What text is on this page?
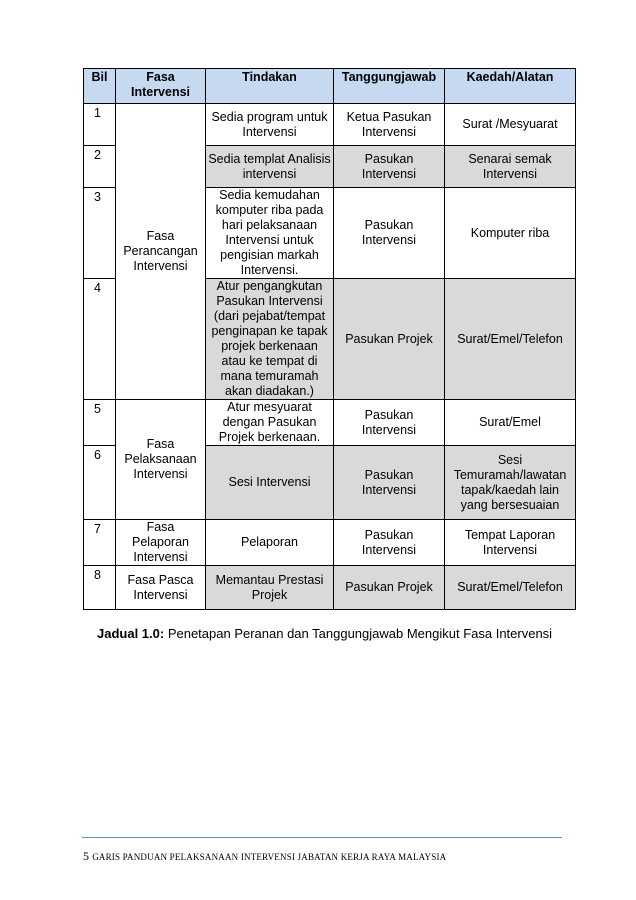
Bil	Fasa Intervensi	Tindakan	Tanggungjawab	Kaedah/Alatan
1	Fasa Perancangan Intervensi	Sedia program untuk Intervensi	Ketua Pasukan Intervensi	Surat /Mesyuarat
2		Sedia templat Analisis intervensi	Pasukan Intervensi	Senarai semak Intervensi
3		Sedia kemudahan komputer riba pada hari pelaksanaan Intervensi untuk pengisian markah Intervensi.	Pasukan Intervensi	Komputer riba
4		Atur pengangkutan Pasukan Intervensi (dari pejabat/tempat penginapan ke tapak projek berkenaan atau ke tempat di mana temuramah akan diadakan.)	Pasukan Projek	Surat/Emel/Telefon
5	Fasa Pelaksanaan Intervensi	Atur mesyuarat dengan Pasukan Projek berkenaan.	Pasukan Intervensi	Surat/Emel
6		Sesi Intervensi	Pasukan Intervensi	Sesi Temuramah/lawatan tapak/kaedah lain yang bersesuaian
7	Fasa Pelaporan Intervensi	Pelaporan	Pasukan Intervensi	Tempat Laporan Intervensi
8	Fasa Pasca Intervensi	Memantau Prestasi Projek	Pasukan Projek	Surat/Emel/Telefon
Jadual 1.0: Penetapan Peranan dan Tanggungjawab Mengikut Fasa Intervensi
5 GARIS PANDUAN PELAKSANAAN INTERVENSI JABATAN KERJA RAYA MALAYSIA
